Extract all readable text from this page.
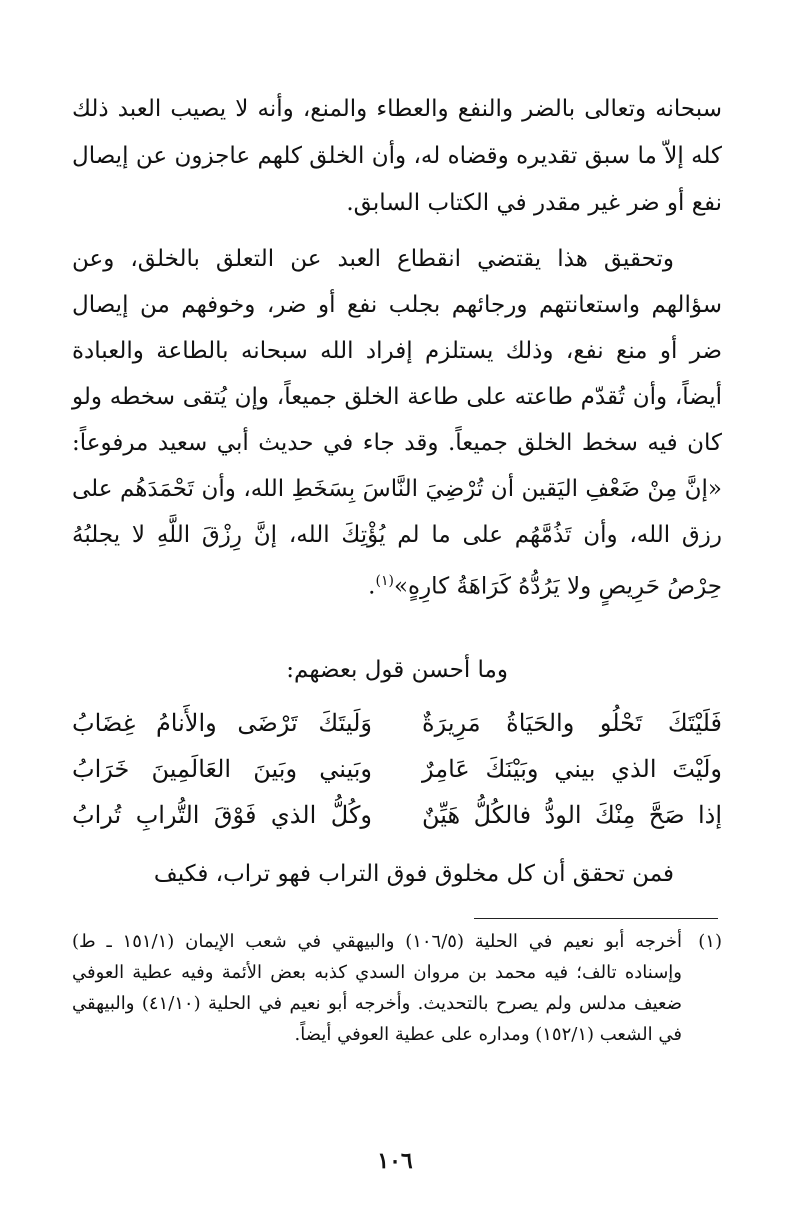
سبحانه وتعالى بالضر والنفع والعطاء والمنع، وأنه لا يصيب العبد ذلك كله إلاّ ما سبق تقديره وقضاه له، وأن الخلق كلهم عاجزون عن إيصال نفع أو ضر غير مقدر في الكتاب السابق.

وتحقيق هذا يقتضي انقطاع العبد عن التعلق بالخلق، وعن سؤالهم واستعانتهم ورجائهم بجلب نفع أو ضر، وخوفهم من إيصال ضر أو منع نفع، وذلك يستلزم إفراد الله سبحانه بالطاعة والعبادة أيضاً، وأن تُقدّم طاعته على طاعة الخلق جميعاً، وإن يُتقى سخطه ولو كان فيه سخط الخلق جميعاً. وقد جاء في حديث أبي سعيد مرفوعاً: «إنَّ مِنْ ضَعْفِ اليَقين أن تُرْضِيَ النَّاسَ بِسَخَطِ الله، وأن تَحْمَدَهُم على رزق الله، وأن تَذُمَّهُم على ما لم يُؤْتِكَ الله، إنَّ رِزْقَ اللَّهِ لا يجلبُهُ حِرْصُ حَرِيصٍ ولا يَرُدُّهُ كَرَاهَةُ كارِهٍ»$^{(١)}$.

وما أحسن قول بعضهم:
فَلَيْتَكَ تَحْلُو والحَيَاةُ مَرِيرَةٌ
وَلَيتَكَ تَرْضَى والأَنامُ غِضَابُ
ولَيْتَ الذي بيني وبَيْنَكَ عَامِرٌ
وبَيني وبَينَ العَالَمِينَ خَرَابُ
إذا صَحَّ مِنْكَ الودُّ فالكُلُّ هَيِّنٌ
وكُلُّ الذي فَوْقَ التُّرابِ تُرابُ

فمن تحقق أن كل مخلوق فوق التراب فهو تراب، فكيف

(١)
أخرجه أبو نعيم في الحلية (١٠٦/٥) والبيهقي في شعب الإيمان (١٥١/١ ـ ط) وإسناده تالف؛ فيه محمد بن مروان السدي كذبه بعض الأئمة وفيه عطية العوفي ضعيف مدلس ولم يصرح بالتحديث. وأخرجه أبو نعيم في الحلية (٤١/١٠) والبيهقي في الشعب (١٥٢/١) ومداره على عطية العوفي أيضاً.
١٠٦
